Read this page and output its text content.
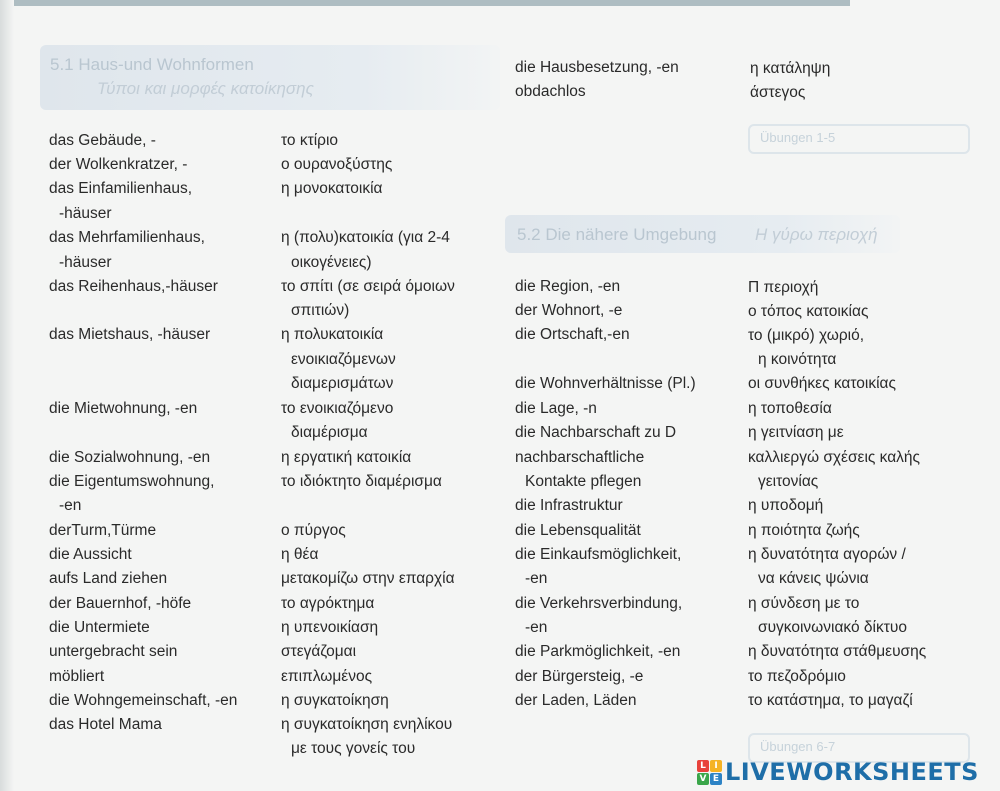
5.1 Haus-und Wohnformen
Τύποι και μορφές κατοίκησης
5.2 Die nähere Umgebung Η γύρω περιοχή
Übungen 1-5
Übungen 6-7
das Gebäude, -
der Wolkenkratzer, -
das Einfamilienhaus,
-häuser
das Mehrfamilienhaus,
-häuser
das Reihenhaus,-häuser
das Mietshaus, -häuser
die Mietwohnung, -en
die Sozialwohnung, -en
die Eigentumswohnung,
-en
derTurm,Türme
die Aussicht
aufs Land ziehen
der Bauernhof, -höfe
die Untermiete
untergebracht sein
möbliert
die Wohngemeinschaft, -en
das Hotel Mama
το κτίριο
ο ουρανοξύστης
η μονοκατοικία
η (πολυ)κατοικία (για 2-4
οικογένειες)
το σπίτι (σε σειρά όμοιων
σπιτιών)
η πολυκατοικία
ενοικιαζόμενων
διαμερισμάτων
το ενοικιαζόμενο
διαμέρισμα
η εργατική κατοικία
το ιδιόκτητο διαμέρισμα
ο πύργος
η θέα
μετακομίζω στην επαρχία
το αγρόκτημα
η υπενοικίαση
στεγάζομαι
επιπλωμένος
η συγκατοίκηση
η συγκατοίκηση ενηλίκου
με τους γονείς του
die Hausbesetzung, -en
obdachlos
η κατάληψη
άστεγος
die Region, -en
der Wohnort, -e
die Ortschaft,-en
die Wohnverhältnisse (Pl.)
die Lage, -n
die Nachbarschaft zu D
nachbarschaftliche
Kontakte pflegen
die Infrastruktur
die Lebensqualität
die Einkaufsmöglichkeit,
-en
die Verkehrsverbindung,
-en
die Parkmöglichkeit, -en
der Bürgersteig, -e
der Laden, Läden
Π περιοχή
ο τόπος κατοικίας
το (μικρό) χωριό,
η κοινότητα
οι συνθήκες κατοικίας
η τοποθεσία
η γειτνίαση με
καλλιεργώ σχέσεις καλής
γειτονίας
η υποδομή
η ποιότητα ζωής
η δυνατότητα αγορών /
να κάνεις ψώνια
η σύνδεση με το
συγκοινωνιακό δίκτυο
η δυνατότητα στάθμευσης
το πεζοδρόμιο
το κατάστημα, το μαγαζί
L I
V E LIVEWORKSHEETS
